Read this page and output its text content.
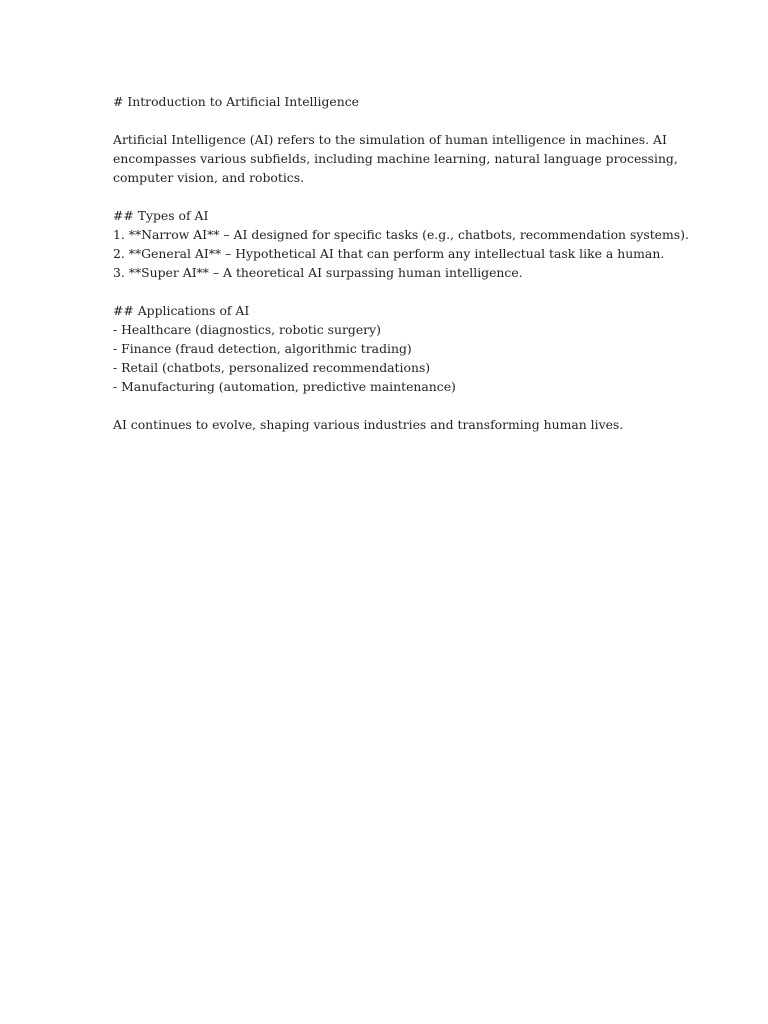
# Introduction to Artificial Intelligence
Artificial Intelligence (AI) refers to the simulation of human intelligence in machines. AI
encompasses various subfields, including machine learning, natural language processing,
computer vision, and robotics.
## Types of AI
1. **Narrow AI** – AI designed for specific tasks (e.g., chatbots, recommendation systems).
2. **General AI** – Hypothetical AI that can perform any intellectual task like a human.
3. **Super AI** – A theoretical AI surpassing human intelligence.
## Applications of AI
- Healthcare (diagnostics, robotic surgery)
- Finance (fraud detection, algorithmic trading)
- Retail (chatbots, personalized recommendations)
- Manufacturing (automation, predictive maintenance)
AI continues to evolve, shaping various industries and transforming human lives.
